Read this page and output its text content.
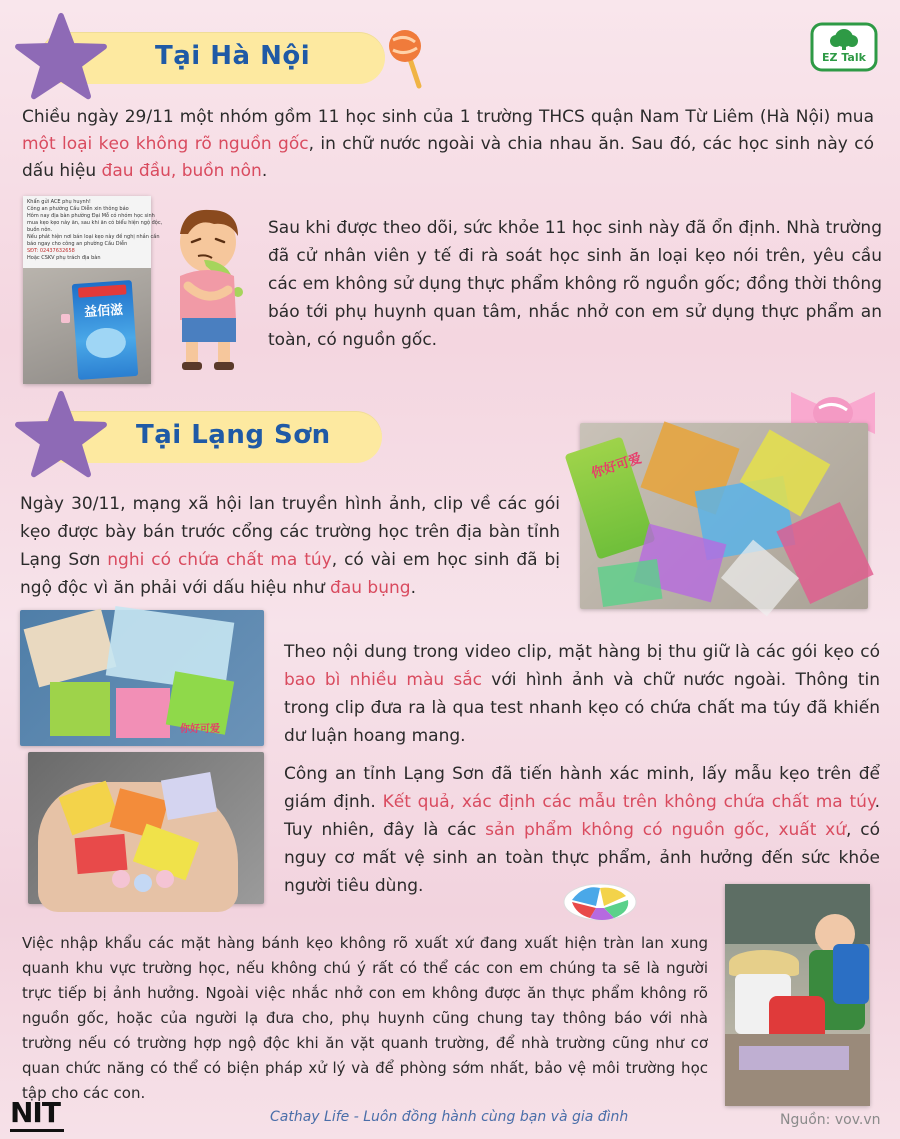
EZ Talk
Tại Hà Nội
Chiều ngày 29/11 một nhóm gồm 11 học sinh của 1 trường THCS quận Nam Từ Liêm (Hà Nội) mua một loại kẹo không rõ nguồn gốc, in chữ nước ngoài và chia nhau ăn. Sau đó, các học sinh này có dấu hiệu đau đầu, buồn nôn.
Khẩn gửi ACE phụ huynh!
Công an phường Cầu Diễn xin thông báo
Hôm nay địa bàn phường Đại Mỗ có nhóm học sinh
mua kẹo kẹo này ăn, sau khi ăn có biểu hiện ngộ độc,
buồn nôn.
Nếu phát hiện nơi bán loại kẹo này đề nghị nhắn cần
báo ngay cho công an phường Cầu Diễn
SĐT: 02437632658
Hoặc CSKV phụ trách địa bàn
益佰滋
Sau khi được theo dõi, sức khỏe 11 học sinh này đã ổn định. Nhà trường đã cử nhân viên y tế đi rà soát học sinh ăn loại kẹo nói trên, yêu cầu các em không sử dụng thực phẩm không rõ nguồn gốc; đồng thời thông báo tới phụ huynh quan tâm, nhắc nhở con em sử dụng thực phẩm an toàn, có nguồn gốc.
Tại Lạng Sơn
你好可爱
Ngày 30/11, mạng xã hội lan truyền hình ảnh, clip về các gói kẹo được bày bán trước cổng các trường học trên địa bàn tỉnh Lạng Sơn nghi có chứa chất ma túy, có vài em học sinh đã bị ngộ độc vì ăn phải với dấu hiệu như đau bụng.
你好可爱
Theo nội dung trong video clip, mặt hàng bị thu giữ là các gói kẹo có bao bì nhiều màu sắc với hình ảnh và chữ nước ngoài. Thông tin trong clip đưa ra là qua test nhanh kẹo có chứa chất ma túy đã khiến dư luận hoang mang.
Công an tỉnh Lạng Sơn đã tiến hành xác minh, lấy mẫu kẹo trên để giám định. Kết quả, xác định các mẫu trên không chứa chất ma túy. Tuy nhiên, đây là các sản phẩm không có nguồn gốc, xuất xứ, có nguy cơ mất vệ sinh an toàn thực phẩm, ảnh hưởng đến sức khỏe người tiêu dùng.
Việc nhập khẩu các mặt hàng bánh kẹo không rõ xuất xứ đang xuất hiện tràn lan xung quanh khu vực trường học, nếu không chú ý rất có thể các con em chúng ta sẽ là người trực tiếp bị ảnh hưởng. Ngoài việc nhắc nhở con em không được ăn thực phẩm không rõ nguồn gốc, hoặc của người lạ đưa cho, phụ huynh cũng chung tay thông báo với nhà trường nếu có trường hợp ngộ độc khi ăn vặt quanh trường, để nhà trường cũng như cơ quan chức năng có thể có biện pháp xử lý và để phòng sớm nhất, bảo vệ môi trường học tập cho các con.
NIT	Cathay Life - Luôn đồng hành cùng bạn và gia đình	Nguồn: vov.vn
